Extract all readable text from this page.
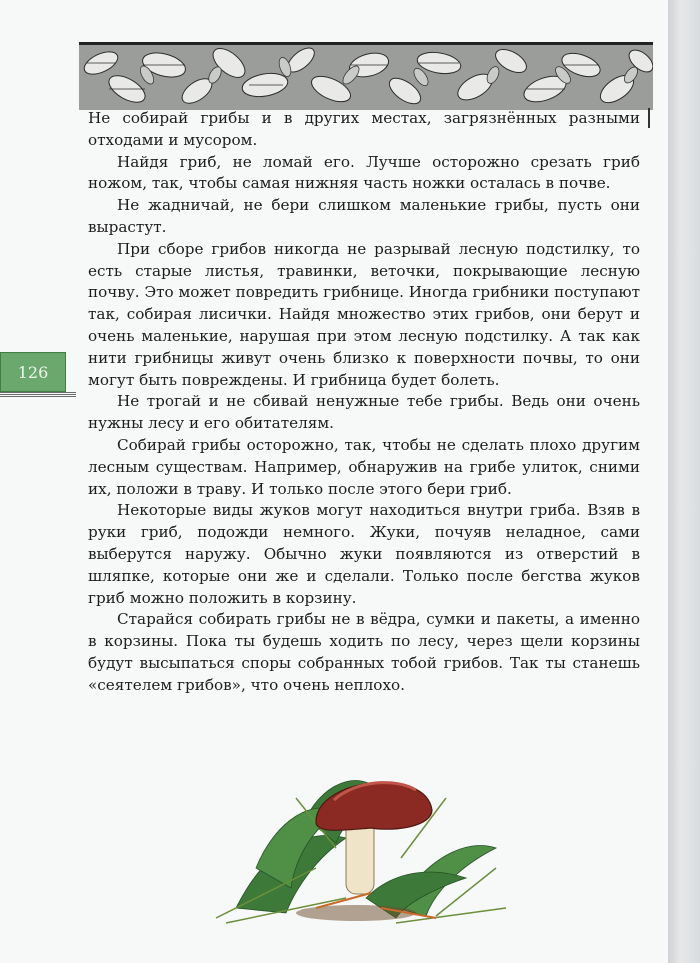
Не собирай грибы и в других местах, загрязнённых разными отходами и мусором.

Найдя гриб, не ломай его. Лучше осторожно срезать гриб ножом, так, чтобы самая нижняя часть ножки осталась в почве.

Не жадничай, не бери слишком маленькие грибы, пусть они вырастут.

При сборе грибов никогда не разрывай лесную подстилку, то есть старые листья, травинки, веточки, покрывающие лесную почву. Это может повредить грибнице. Иногда грибники поступают так, собирая лисички. Найдя множество этих грибов, они берут и очень маленькие, нарушая при этом лесную подстилку. А так как нити грибницы живут очень близко к поверхности почвы, то они могут быть повреждены. И грибница будет болеть.

Не трогай и не сбивай ненужные тебе грибы. Ведь они очень нужны лесу и его обитателям.

Собирай грибы осторожно, так, чтобы не сделать плохо другим лесным существам. Например, обнаружив на грибе улиток, сними их, положи в траву. И только после этого бери гриб.

Некоторые виды жуков могут находиться внутри гриба. Взяв в руки гриб, подожди немного. Жуки, почуяв неладное, сами выберутся наружу. Обычно жуки появляются из отверстий в шляпке, которые они же и сделали. Только после бегства жуков гриб можно положить в корзину.

Старайся собирать грибы не в вёдра, сумки и пакеты, а именно в корзины. Пока ты будешь ходить по лесу, через щели корзины будут высыпаться споры собранных тобой грибов. Так ты станешь «сеятелем грибов», что очень неплохо.

126
